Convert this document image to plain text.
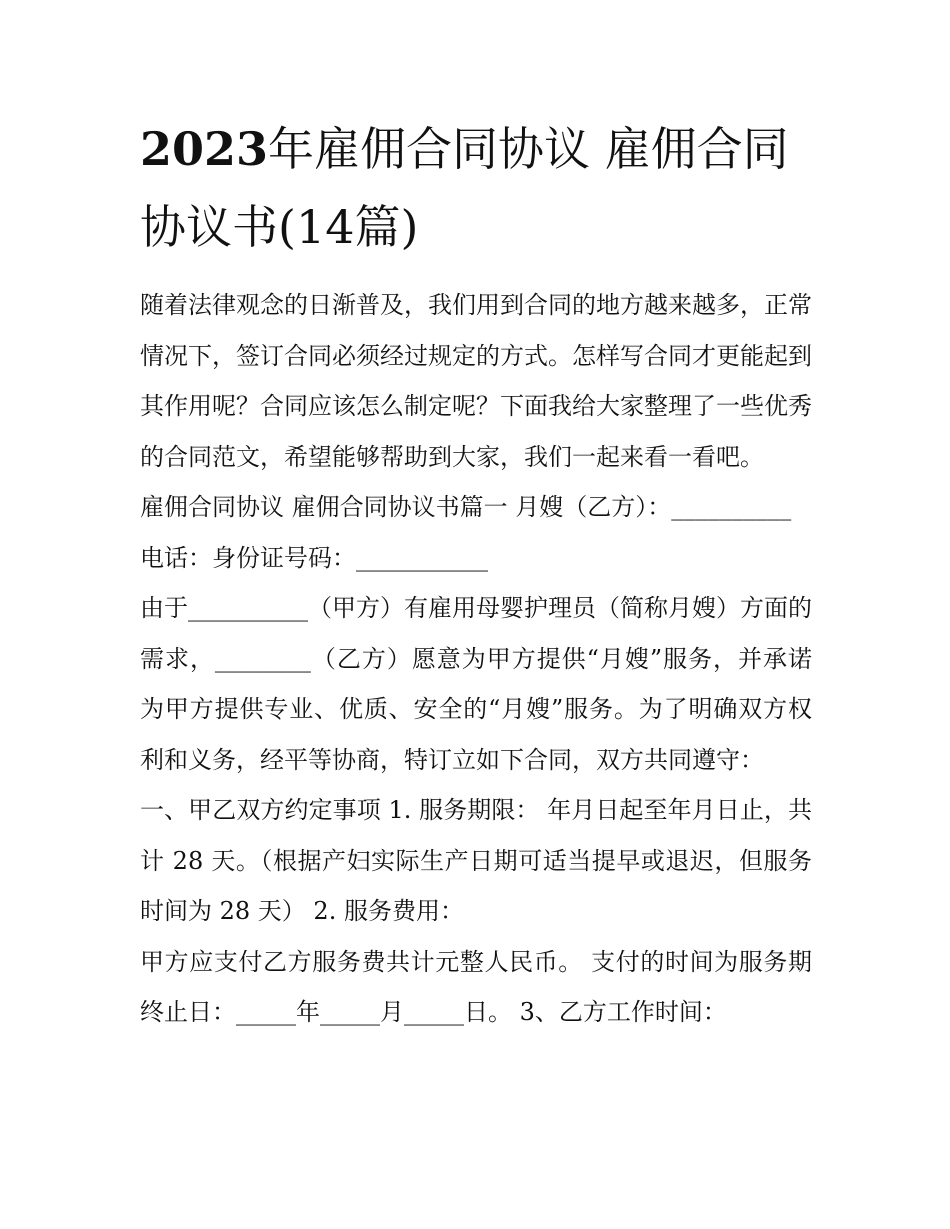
2023年雇佣合同协议 雇佣合同协议书(14篇)

随着法律观念的日渐普及，我们用到合同的地方越来越多，正常情况下，签订合同必须经过规定的方式。怎样写合同才更能起到其作用呢？合同应该怎么制定呢？下面我给大家整理了一些优秀的合同范文，希望能够帮助到大家，我们一起来看一看吧。

雇佣合同协议 雇佣合同协议书篇一 月嫂（乙方）：__________

电话：身份证号码：___________

由于__________（甲方）有雇用母婴护理员（简称月嫂）方面的需求，________（乙方）愿意为甲方提供“月嫂”服务，并承诺为甲方提供专业、优质、安全的“月嫂”服务。为了明确双方权利和义务，经平等协商，特订立如下合同，双方共同遵守：

一、甲乙双方约定事项 1. 服务期限： 年月日起至年月日止，共计 28 天。（根据产妇实际生产日期可适当提早或退迟，但服务时间为 28 天） 2. 服务费用：

甲方应支付乙方服务费共计元整人民币。 支付的时间为服务期终止日：_____年_____月_____日。 3、乙方工作时间：
